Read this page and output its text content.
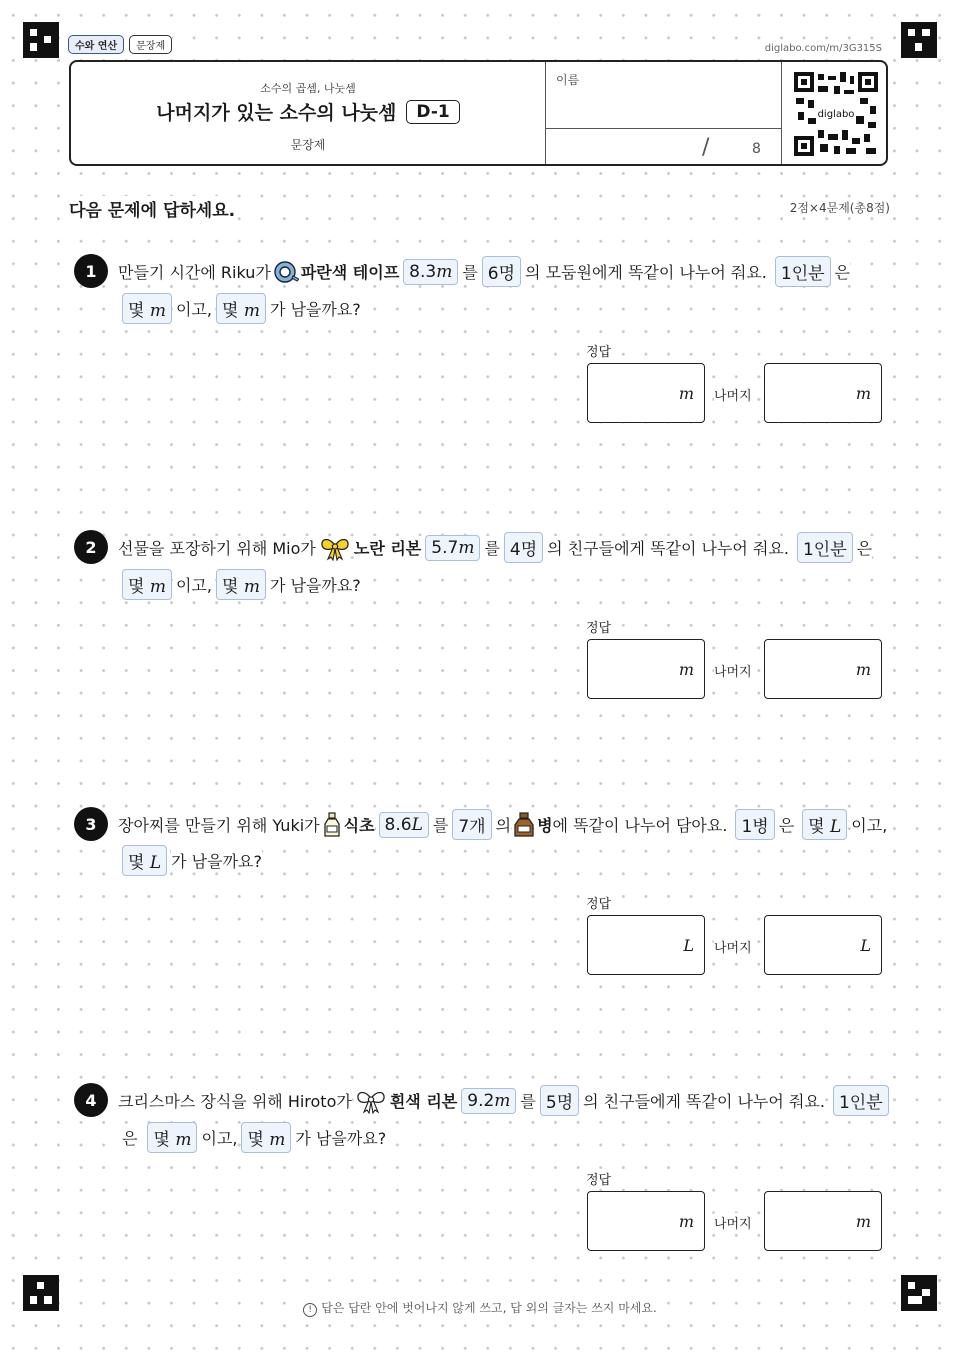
수와 연산	문장제	diglabo.com/m/3G315S
소수의 곱셈, 나눗셈
나머지가 있는 소수의 나눗셈	D-1
문장제
이름
/	8
diglabo
다음 문제에 답하세요.	2점×4문제(총8점)
1	만들기 시간에 Riku가 파란색 테이프 8.3m 를 6명 의 모둠원에게 똑같이 나누어 줘요. 1인분 은
몇 m 이고, 몇 m 가 남을까요?
정답
m 나머지	m
2	선물을 포장하기 위해 Mio가 노란 리본 5.7m 를 4명 의 친구들에게 똑같이 나누어 줘요. 1인분 은
몇 m 이고, 몇 m 가 남을까요?
정답
m 나머지	m
3	장아찌를 만들기 위해 Yuki가 식초 8.6L 를 7개 의 병 에 똑같이 나누어 담아요. 1병 은 몇 L 이고,
몇 L 가 남을까요?
정답
L 나머지	L
4	크리스마스 장식을 위해 Hiroto가 흰색 리본 9.2m 를 5명 의 친구들에게 똑같이 나누어 줘요. 1인분
은 몇 m 이고, 몇 m 가 남을까요?
정답
m 나머지	m
! 답은 답란 안에 벗어나지 않게 쓰고, 답 외의 글자는 쓰지 마세요.
